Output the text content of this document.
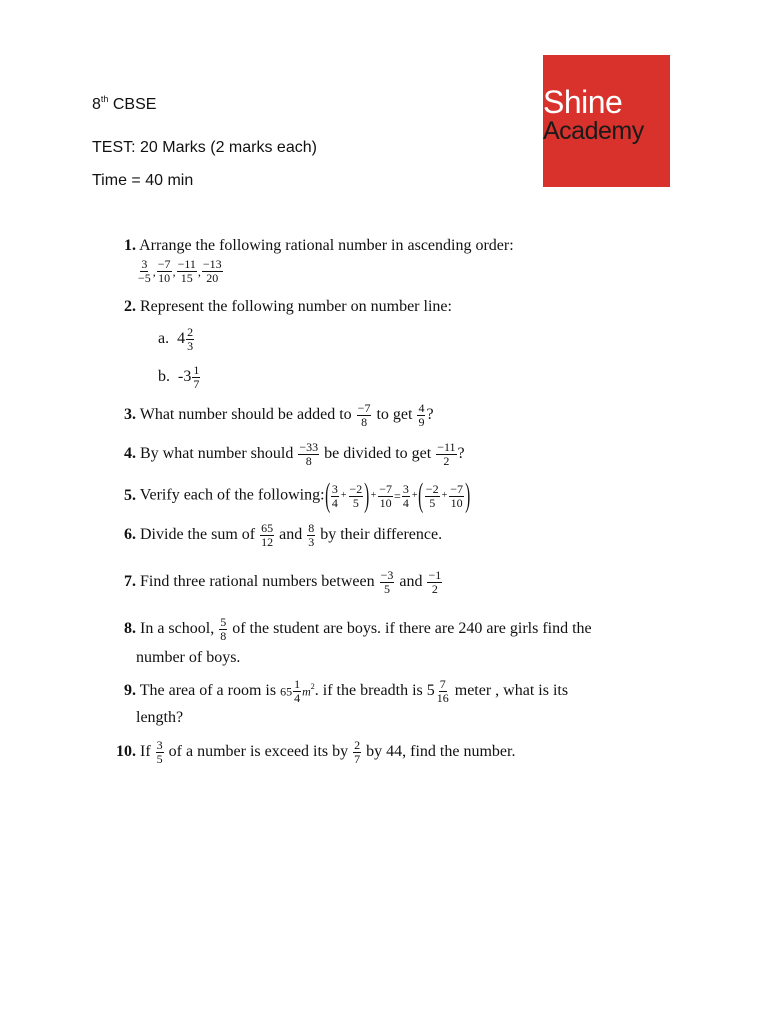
8th CBSE
TEST: 20 Marks (2 marks each)
Time = 40 min
Shine
Academy
1. Arrange the following rational number in ascending order:
$\frac{3}{-5}$ , $\frac{-7}{10}$ , $\frac{-11}{15}$ , $\frac{-13}{20}$
2. Represent the following number on number line:
a. $4 \frac{2}{3}$
b. $-3 \frac{1}{7}$
3. What number should be added to $\frac{-7}{8}$ to get $\frac{4}{9}$ ?
4. By what number should $\frac{-33}{8}$ be divided to get $\frac{-11}{2}$ ?
5. Verify each of the following:( $\frac{3}{4} + \frac{-2}{5}$ )+ $\frac{-7}{10} = \frac{3}{4}$ +( $\frac{-2}{5} + \frac{-7}{10}$ )
6. Divide the sum of $\frac{65}{12}$ and $\frac{8}{3}$ by their difference.
7. Find three rational numbers between $\frac{-3}{5}$ and $\frac{-1}{2}$
8. In a school, $\frac{5}{8}$ of the student are boys. if there are 240 are girls find the
number of boys.
9. The area of a room is $65 \frac{1}{4} m^2$. if the breadth is $5 \frac{7}{16}$ meter , what is its
length?
10. If $\frac{3}{5}$ of a number is exceed its by $\frac{2}{7}$ by 44, find the number.
